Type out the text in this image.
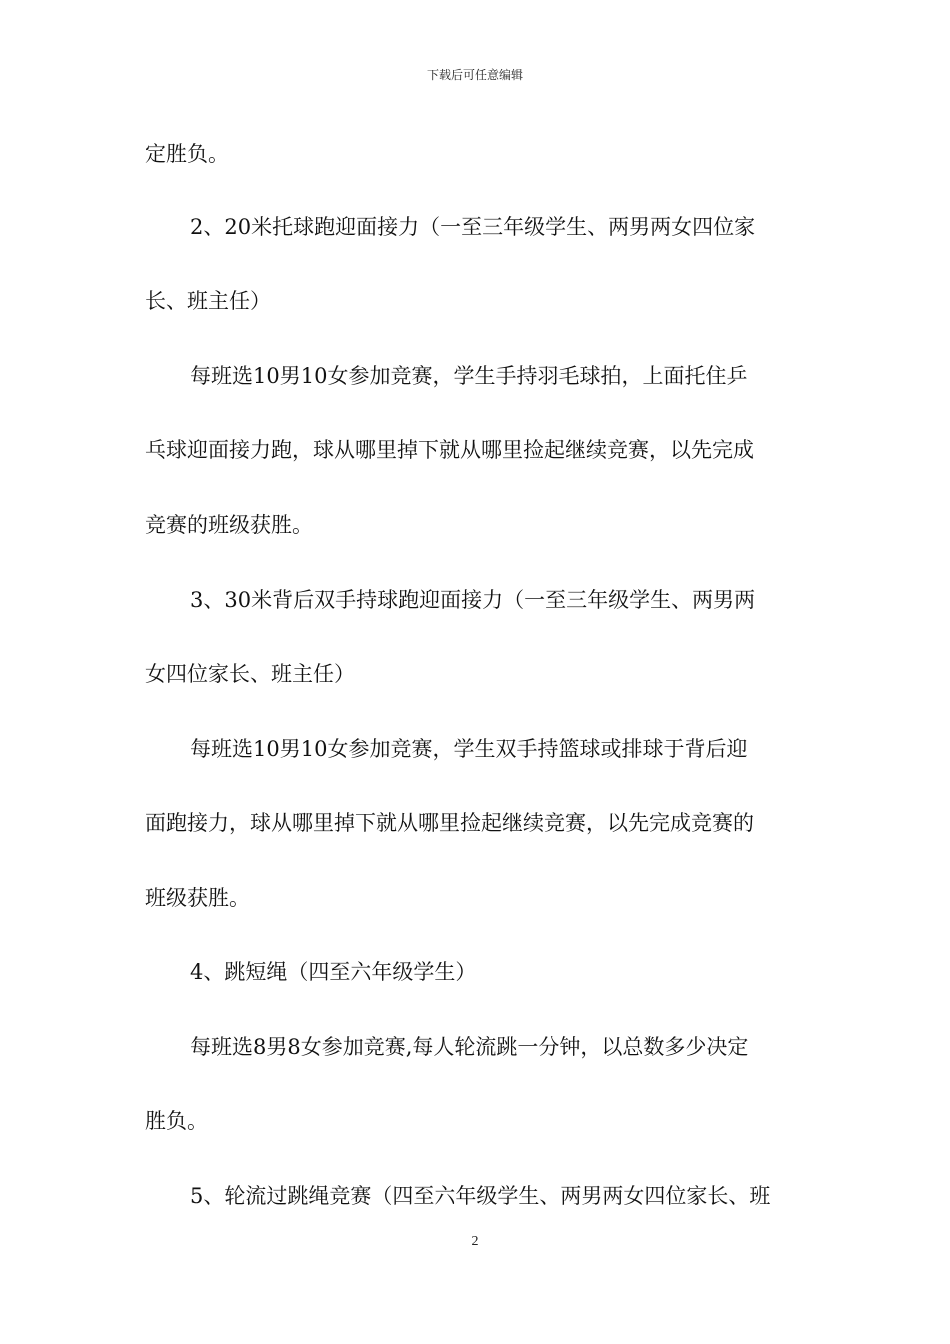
下载后可任意编辑
定胜负。
2、20米托球跑迎面接力（一至三年级学生、两男两女四位家
长、班主任）
每班选10男10女参加竞赛，学生手持羽毛球拍，上面托住乒
乓球迎面接力跑，球从哪里掉下就从哪里捡起继续竞赛，以先完成
竞赛的班级获胜。
3、30米背后双手持球跑迎面接力（一至三年级学生、两男两
女四位家长、班主任）
每班选10男10女参加竞赛，学生双手持篮球或排球于背后迎
面跑接力，球从哪里掉下就从哪里捡起继续竞赛，以先完成竞赛的
班级获胜。
4、跳短绳（四至六年级学生）
每班选8男8女参加竞赛,每人轮流跳一分钟，以总数多少决定
胜负。
5、轮流过跳绳竞赛（四至六年级学生、两男两女四位家长、班
2
